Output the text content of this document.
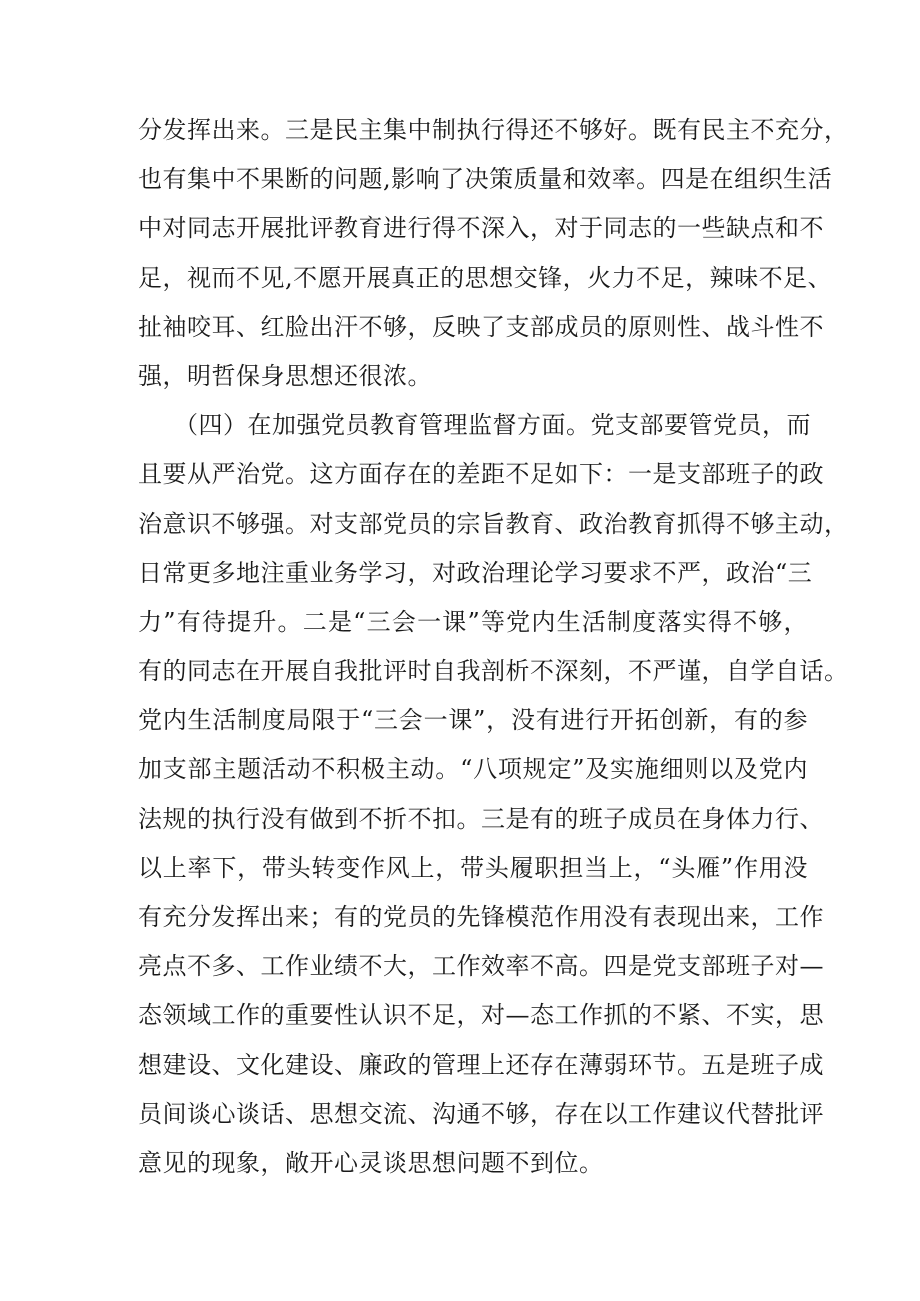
分发挥出来。三是民主集中制执行得还不够好。既有民主不充分，
也有集中不果断的问题,影响了决策质量和效率。四是在组织生活
中对同志开展批评教育进行得不深入，对于同志的一些缺点和不
足，视而不见,不愿开展真正的思想交锋，火力不足，辣味不足、
扯袖咬耳、红脸出汗不够，反映了支部成员的原则性、战斗性不
强，明哲保身思想还很浓。
（四）在加强党员教育管理监督方面。党支部要管党员，而
且要从严治党。这方面存在的差距不足如下：一是支部班子的政
治意识不够强。对支部党员的宗旨教育、政治教育抓得不够主动，
日常更多地注重业务学习，对政治理论学习要求不严，政治“三
力”有待提升。二是“三会一课”等党内生活制度落实得不够，
有的同志在开展自我批评时自我剖析不深刻，不严谨，自学自话。
党内生活制度局限于“三会一课”，没有进行开拓创新，有的参
加支部主题活动不积极主动。“八项规定”及实施细则以及党内
法规的执行没有做到不折不扣。三是有的班子成员在身体力行、
以上率下，带头转变作风上，带头履职担当上，“头雁”作用没
有充分发挥出来；有的党员的先锋模范作用没有表现出来，工作
亮点不多、工作业绩不大，工作效率不高。四是党支部班子对—
态领域工作的重要性认识不足，对—态工作抓的不紧、不实，思
想建设、文化建设、廉政的管理上还存在薄弱环节。五是班子成
员间谈心谈话、思想交流、沟通不够，存在以工作建议代替批评
意见的现象，敞开心灵谈思想问题不到位。
